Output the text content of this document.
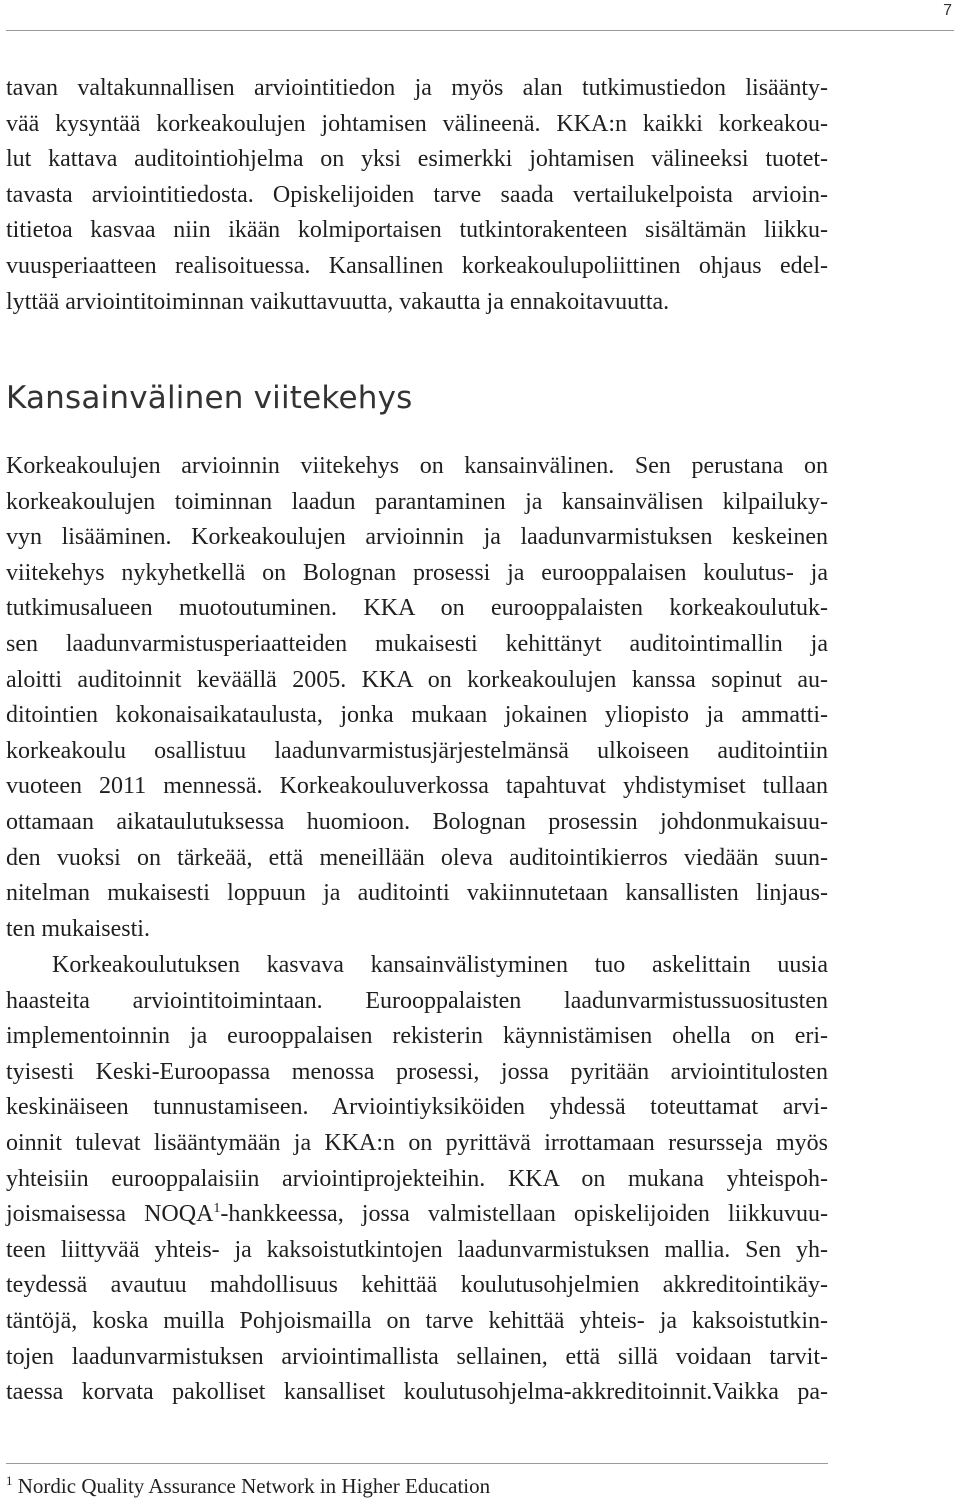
7

tavan valtakunnallisen arviointitiedon ja myös alan tutkimustiedon lisäänty-
vää kysyntää korkeakoulujen johtamisen välineenä. KKA:n kaikki korkeakou-
lut kattava auditointiohjelma on yksi esimerkki johtamisen välineeksi tuotet-
tavasta arviointitiedosta. Opiskelijoiden tarve saada vertailukelpoista arvioin-
titietoa kasvaa niin ikään kolmiportaisen tutkintorakenteen sisältämän liikku-
vuusperiaatteen realisoituessa. Kansallinen korkeakoulupoliittinen ohjaus edel-
lyttää arviointitoiminnan vaikuttavuutta, vakautta ja ennakoitavuutta.

Kansainvälinen viitekehys

Korkeakoulujen arvioinnin viitekehys on kansainvälinen. Sen perustana on
korkeakoulujen toiminnan laadun parantaminen ja kansainvälisen kilpailuky-
vyn lisääminen. Korkeakoulujen arvioinnin ja laadunvarmistuksen keskeinen
viitekehys nykyhetkellä on Bolognan prosessi ja eurooppalaisen koulutus- ja
tutkimusalueen muotoutuminen. KKA on eurooppalaisten korkeakoulutuk-
sen laadunvarmistusperiaatteiden mukaisesti kehittänyt auditointimallin ja
aloitti auditoinnit keväällä 2005. KKA on korkeakoulujen kanssa sopinut au-
ditointien kokonaisaikataulusta, jonka mukaan jokainen yliopisto ja ammatti-
korkeakoulu osallistuu laadunvarmistusjärjestelmänsä ulkoiseen auditointiin
vuoteen 2011 mennessä. Korkeakouluverkossa tapahtuvat yhdistymiset tullaan
ottamaan aikataulutuksessa huomioon. Bolognan prosessin johdonmukaisuu-
den vuoksi on tärkeää, että meneillään oleva auditointikierros viedään suun-
nitelman mukaisesti loppuun ja auditointi vakiinnutetaan kansallisten linjaus-
ten mukaisesti.

Korkeakoulutuksen kasvava kansainvälistyminen tuo askelittain uusia
haasteita arviointitoimintaan. Eurooppalaisten laadunvarmistussuositusten
implementoinnin ja eurooppalaisen rekisterin käynnistämisen ohella on eri-
tyisesti Keski-Euroopassa menossa prosessi, jossa pyritään arviointitulosten
keskinäiseen tunnustamiseen. Arviointiyksiköiden yhdessä toteuttamat arvi-
oinnit tulevat lisääntymään ja KKA:n on pyrittävä irrottamaan resursseja myös
yhteisiin eurooppalaisiin arviointiprojekteihin. KKA on mukana yhteispoh-
joismaisessa NOQA$^1$-hankkeessa, jossa valmistellaan opiskelijoiden liikkuvuu-
teen liittyvää yhteis- ja kaksoistutkintojen laadunvarmistuksen mallia. Sen yh-
teydessä avautuu mahdollisuus kehittää koulutusohjelmien akkreditointikäy-
täntöjä, koska muilla Pohjoismailla on tarve kehittää yhteis- ja kaksoistutkin-
tojen laadunvarmistuksen arviointimallista sellainen, että sillä voidaan tarvit-
taessa korvata pakolliset kansalliset koulutusohjelma-akkreditoinnit.Vaikka pa-

$^1$ Nordic Quality Assurance Network in Higher Education
